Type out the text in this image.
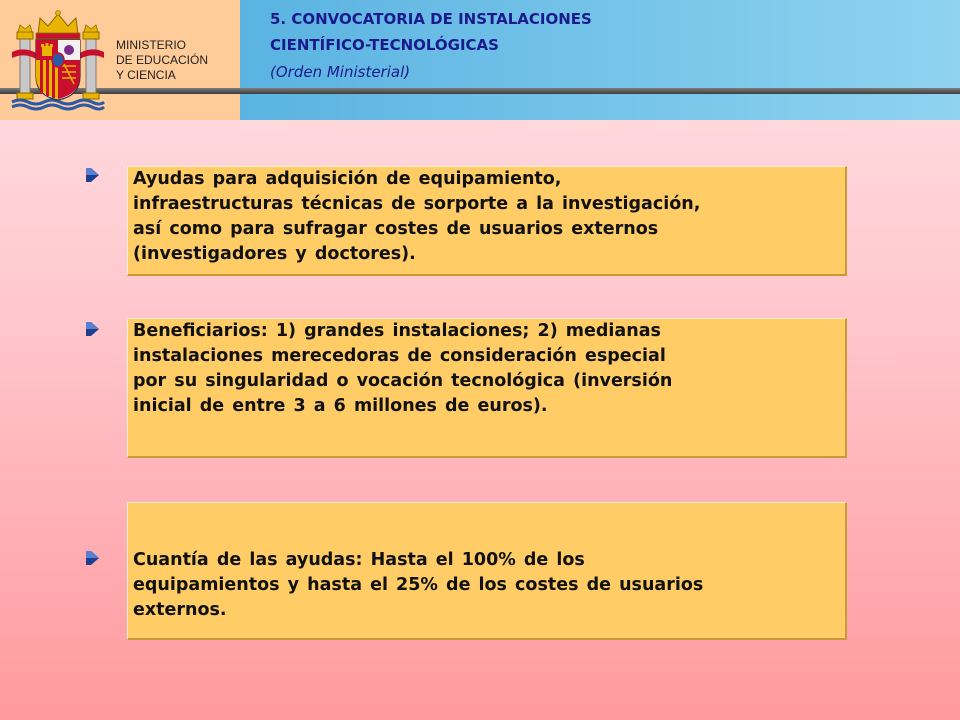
MINISTERIO
DE EDUCACIÓN
Y CIENCIA
5. CONVOCATORIA DE INSTALACIONES
CIENTÍFICO-TECNOLÓGICAS
(Orden Ministerial)
Ayudas para adquisición de equipamiento,
infraestructuras técnicas de sorporte a la investigación,
así como para sufragar costes de usuarios externos
(investigadores y doctores).
Beneficiarios: 1) grandes instalaciones; 2) medianas
instalaciones merecedoras de consideración especial
por su singularidad o vocación tecnológica (inversión
inicial de entre 3 a 6 millones de euros).
Cuantía de las ayudas: Hasta el 100% de los
equipamientos y hasta el 25% de los costes de usuarios
externos.
